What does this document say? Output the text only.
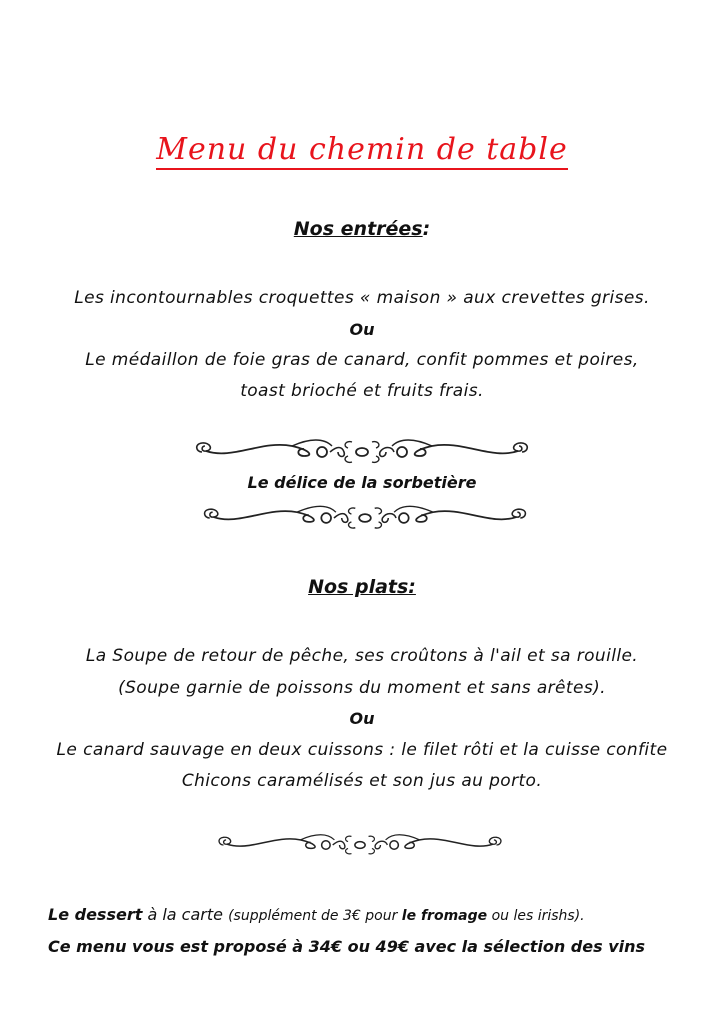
Menu du chemin de table
Nos entrées:
Les incontournables croquettes « maison » aux crevettes grises.
Ou
Le médaillon de foie gras de canard, confit pommes et poires,
toast brioché et fruits frais.
Le délice de la sorbetière
Nos plats:
La Soupe de retour de pêche, ses croûtons à l'ail et sa rouille.
(Soupe garnie de poissons du moment et sans arêtes).
Ou
Le canard sauvage en deux cuissons : le filet rôti et la cuisse confite
Chicons caramélisés et son jus au porto.
Le dessert à la carte (supplément de 3€ pour le fromage ou les irishs).
Ce menu vous est proposé à 34€ ou 49€ avec la sélection des vins
